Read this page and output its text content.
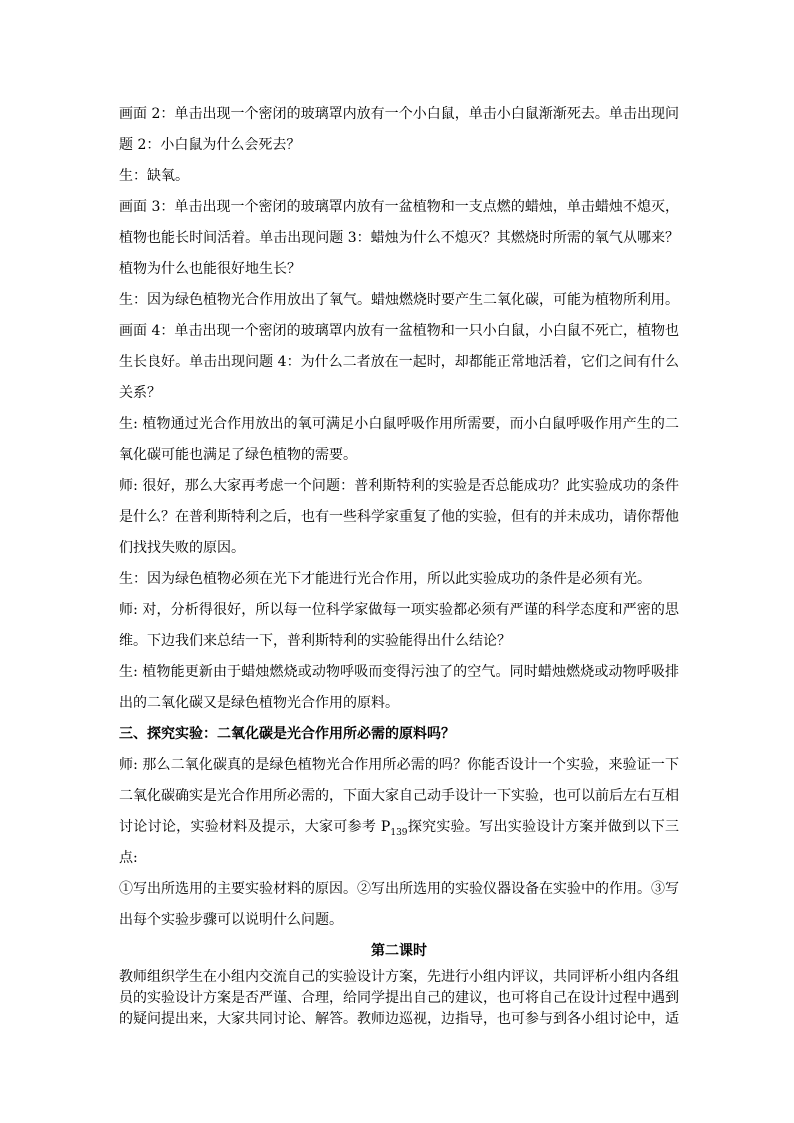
画面 2：单击出现一个密闭的玻璃罩内放有一个小白鼠，单击小白鼠渐渐死去。单击出现问题 2：小白鼠为什么会死去？

生：缺氧。

画面 3：单击出现一个密闭的玻璃罩内放有一盆植物和一支点燃的蜡烛，单击蜡烛不熄灭，植物也能长时间活着。单击出现问题 3：蜡烛为什么不熄灭？其燃烧时所需的氧气从哪来？植物为什么也能很好地生长？

生：因为绿色植物光合作用放出了氧气。蜡烛燃烧时要产生二氧化碳，可能为植物所利用。

画面 4：单击出现一个密闭的玻璃罩内放有一盆植物和一只小白鼠，小白鼠不死亡，植物也生长良好。单击出现问题 4：为什么二者放在一起时，却都能正常地活着，它们之间有什么关系？

生: 植物通过光合作用放出的氧可满足小白鼠呼吸作用所需要，而小白鼠呼吸作用产生的二氧化碳可能也满足了绿色植物的需要。

师: 很好，那么大家再考虑一个问题：普利斯特利的实验是否总能成功？此实验成功的条件是什么？在普利斯特利之后，也有一些科学家重复了他的实验，但有的并未成功，请你帮他们找找失败的原因。

生：因为绿色植物必须在光下才能进行光合作用，所以此实验成功的条件是必须有光。

师: 对，分析得很好，所以每一位科学家做每一项实验都必须有严谨的科学态度和严密的思维。下边我们来总结一下，普利斯特利的实验能得出什么结论？

生: 植物能更新由于蜡烛燃烧或动物呼吸而变得污浊了的空气。同时蜡烛燃烧或动物呼吸排出的二氧化碳又是绿色植物光合作用的原料。

三、探究实验：二氧化碳是光合作用所必需的原料吗？

师: 那么二氧化碳真的是绿色植物光合作用所必需的吗？你能否设计一个实验，来验证一下二氧化碳确实是光合作用所必需的，下面大家自己动手设计一下实验，也可以前后左右互相讨论讨论，实验材料及提示，大家可参考 $P_{139}$探究实验。写出实验设计方案并做到以下三点:

①写出所选用的主要实验材料的原因。②写出所选用的实验仪器设备在实验中的作用。③写出每个实验步骤可以说明什么问题。

第二课时

教师组织学生在小组内交流自己的实验设计方案，先进行小组内评议，共同评析小组内各组员的实验设计方案是否严谨、合理，给同学提出自己的建议，也可将自己在设计过程中遇到的疑问提出来，大家共同讨论、解答。教师边巡视，边指导，也可参与到各小组讨论中，适
